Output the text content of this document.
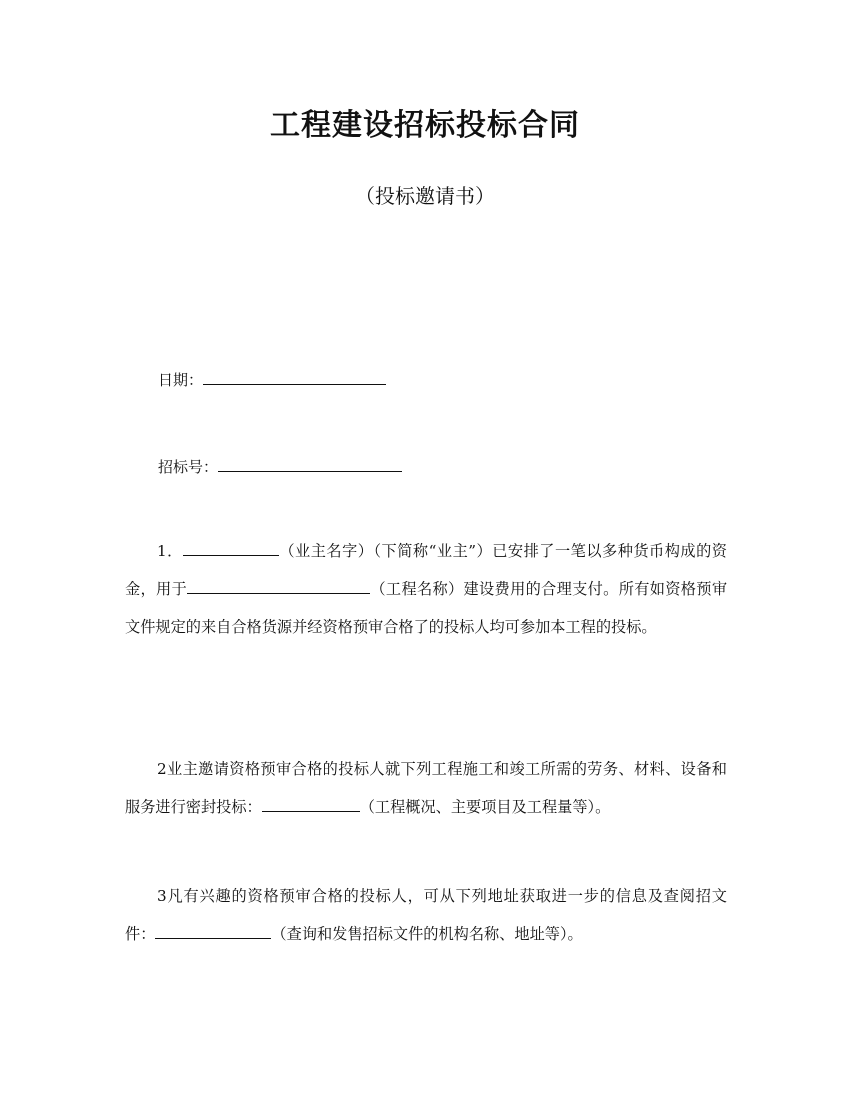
工程建设招标投标合同

（投标邀请书）

日期：

招标号：

1．	（业主名字）（下简称“业主”）已安排了一笔以多种货币构成的资金，用于	（工程名称）建设费用的合理支付。所有如资格预审文件规定的来自合格货源并经资格预审合格了的投标人均可参加本工程的投标。

2业主邀请资格预审合格的投标人就下列工程施工和竣工所需的劳务、材料、设备和服务进行密封投标：	（工程概况、主要项目及工程量等）。

3凡有兴趣的资格预审合格的投标人，可从下列地址获取进一步的信息及查阅招文件：	（查询和发售招标文件的机构名称、地址等）。
